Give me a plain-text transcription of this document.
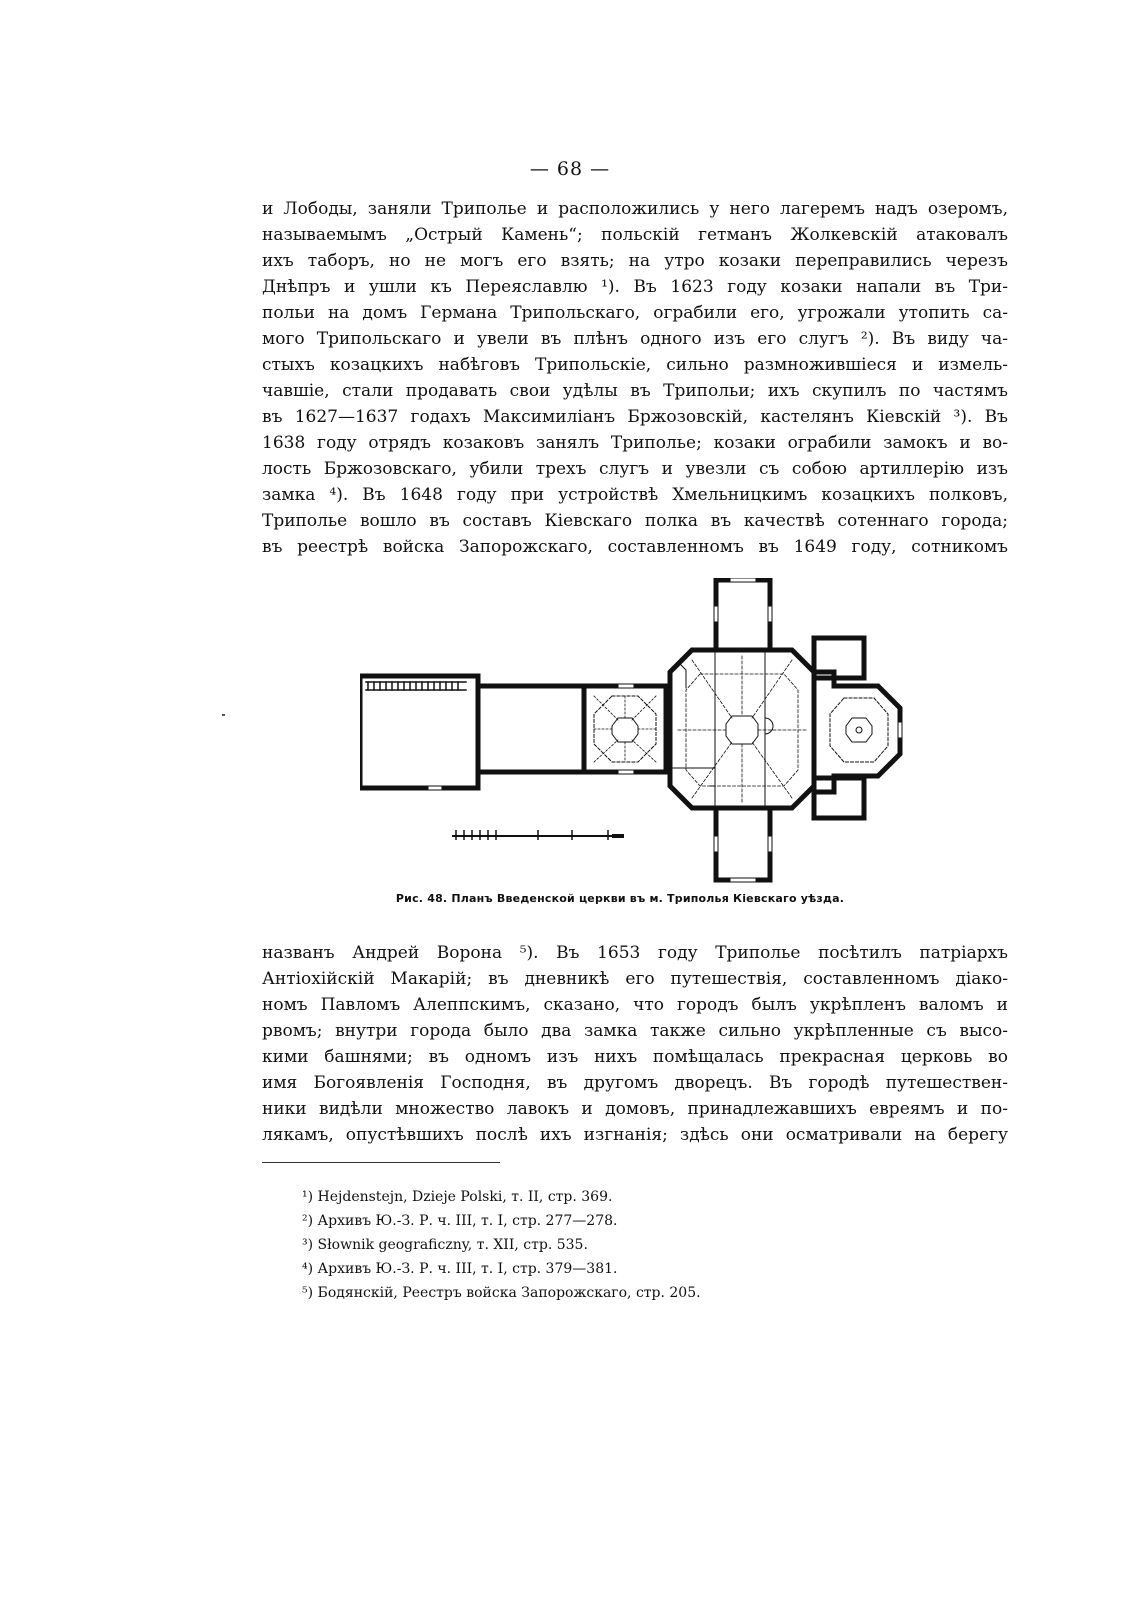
— 68 —
и Лободы, заняли Триполье и расположились у него лагеремъ надъ озеромъ,
называемымъ „Острый Камень“; польскій гетманъ Жолкевскій атаковалъ
ихъ таборъ, но не могъ его взять; на утро козаки переправились черезъ
Днѣпръ и ушли къ Переяславлю ¹). Въ 1623 году козаки напали въ Три-
польи на домъ Германа Трипольскаго, ограбили его, угрожали утопить са-
мого Трипольскаго и увели въ плѣнъ одного изъ его слугъ ²). Въ виду ча-
стыхъ козацкихъ набѣговъ Трипольскіе, сильно размножившіеся и измель-
чавшіе, стали продавать свои удѣлы въ Трипольи; ихъ скупилъ по частямъ
въ 1627—1637 годахъ Максимиліанъ Бржозовскій, кастелянъ Кіевскій ³). Въ
1638 году отрядъ козаковъ занялъ Триполье; козаки ограбили замокъ и во-
лость Бржозовскаго, убили трехъ слугъ и увезли съ собою артиллерію изъ
замка ⁴). Въ 1648 году при устройствѣ Хмельницкимъ козацкихъ полковъ,
Триполье вошло въ составъ Кіевскаго полка въ качествѣ сотеннаго города;
въ реестрѣ войска Запорожскаго, составленномъ въ 1649 году, сотникомъ
Рис. 48. Планъ Введенской церкви въ м. Триполья Кіевскаго уѣзда.
названъ Андрей Ворона ⁵). Въ 1653 году Триполье посѣтилъ патріархъ
Антіохійскій Макарій; въ дневникѣ его путешествія, составленномъ діако-
номъ Павломъ Алеппскимъ, сказано, что городъ былъ укрѣпленъ валомъ и
рвомъ; внутри города было два замка также сильно укрѣпленные съ высо-
кими башнями; въ одномъ изъ нихъ помѣщалась прекрасная церковь во
имя Богоявленія Господня, въ другомъ дворецъ. Въ городѣ путешествен-
ники видѣли множество лавокъ и домовъ, принадлежавшихъ евреямъ и по-
лякамъ, опустѣвшихъ послѣ ихъ изгнанія; здѣсь они осматривали на берегу
¹) Hejdenstejn, Dzieje Polski, т. II, стр. 369.
²) Архивъ Ю.-З. Р. ч. III, т. I, стр. 277—278.
³) Słownik geograficzny, т. XII, стр. 535.
⁴) Архивъ Ю.-З. Р. ч. III, т. I, стр. 379—381.
⁵) Бодянскій, Реестръ войска Запорожскаго, стр. 205.
